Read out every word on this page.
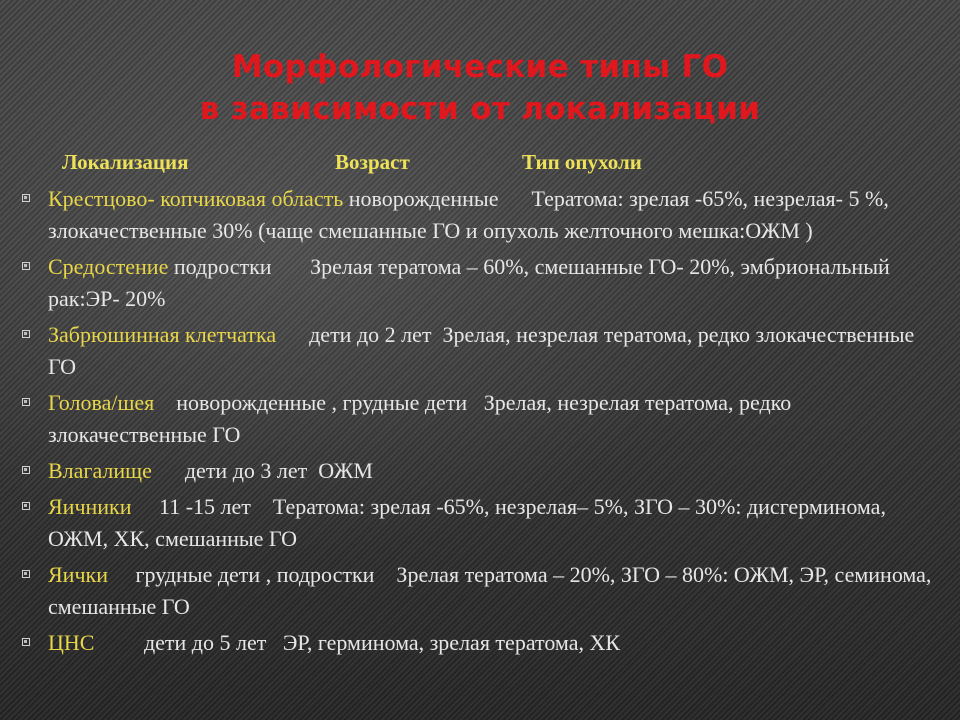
Морфологические типы ГО
в зависимости от локализации
Локализация	Возраст	Тип опухоли
Крестцово- копчиковая область новорожденные Тератома: зрелая -65%, незрелая- 5 %, злокачественные 30% (чаще смешанные ГО и опухоль желточного мешка:ОЖМ )
Средостение подростки Зрелая тератома – 60%, смешанные ГО- 20%, эмбриональный рак:ЭР- 20%
Забрюшинная клетчатка дети до 2 лет Зрелая, незрелая тератома, редко злокачественные ГО
Голова/шея новорожденные , грудные дети Зрелая, незрелая тератома, редко злокачественные ГО
Влагалище дети до 3 лет ОЖМ
Яичники 11 -15 лет Тератома: зрелая -65%, незрелая– 5%, ЗГО – 30%: дисгерминома, ОЖМ, ХК, смешанные ГО
Яички грудные дети , подростки Зрелая тератома – 20%, ЗГО – 80%: ОЖМ, ЭР, семинома, смешанные ГО
ЦНС дети до 5 лет ЭР, герминома, зрелая тератома, ХК
